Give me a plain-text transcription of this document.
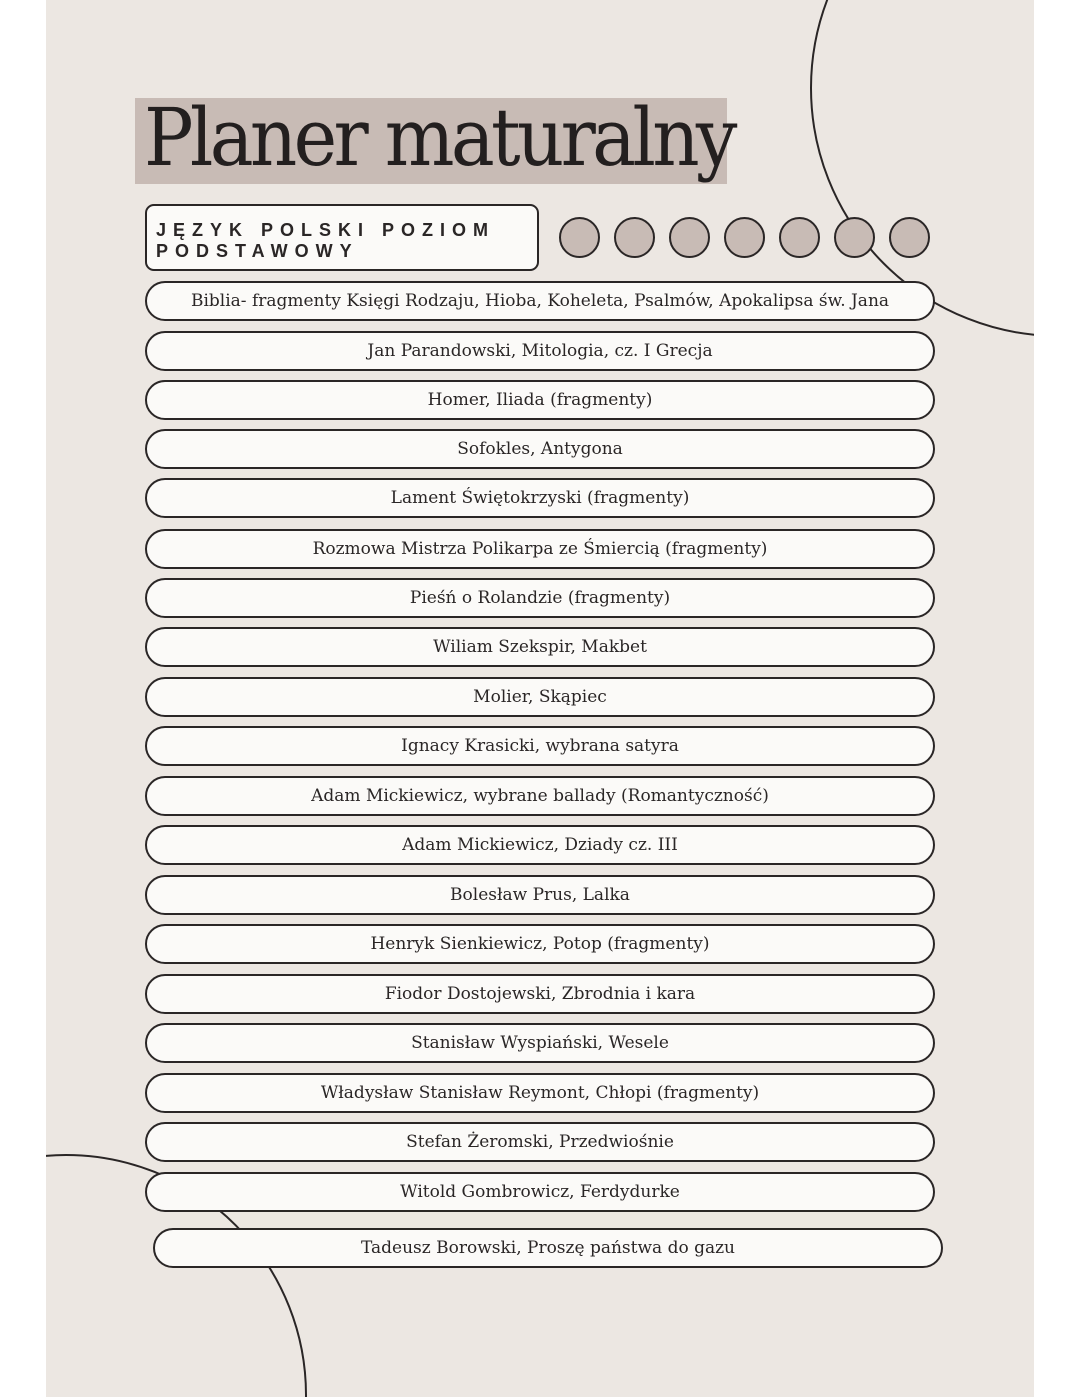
Planer maturalny
JĘZYK POLSKI POZIOM PODSTAWOWY
Biblia- fragmenty Księgi Rodzaju, Hioba, Koheleta, Psalmów, Apokalipsa św. Jana
Jan Parandowski, Mitologia, cz. I Grecja
Homer, Iliada (fragmenty)
Sofokles, Antygona
Lament Świętokrzyski (fragmenty)
Rozmowa Mistrza Polikarpa ze Śmiercią (fragmenty)
Pieśń o Rolandzie (fragmenty)
Wiliam Szekspir, Makbet
Molier, Skąpiec
Ignacy Krasicki, wybrana satyra
Adam Mickiewicz, wybrane ballady (Romantyczność)
Adam Mickiewicz, Dziady cz. III
Bolesław Prus, Lalka
Henryk Sienkiewicz, Potop (fragmenty)
Fiodor Dostojewski, Zbrodnia i kara
Stanisław Wyspiański, Wesele
Władysław Stanisław Reymont, Chłopi (fragmenty)
Stefan Żeromski, Przedwiośnie
Witold Gombrowicz, Ferdydurke
Tadeusz Borowski, Proszę państwa do gazu
